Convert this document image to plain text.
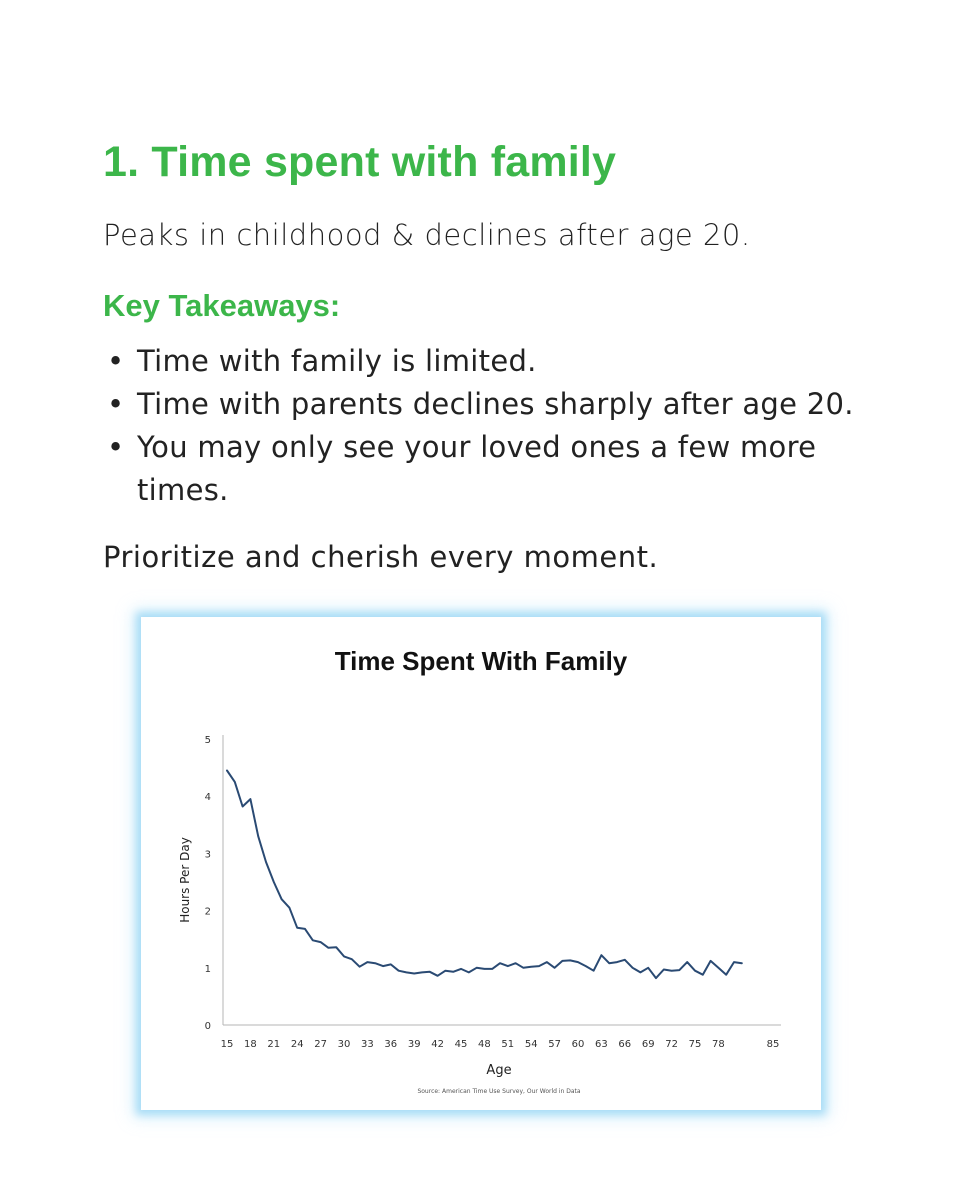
1. Time spent with family

Peaks in childhood & declines after age 20.

Key Takeaways:
• Time with family is limited.
• Time with parents declines sharply after age 20.
• You may only see your loved ones a few more times.

Prioritize and cherish every moment.

Time Spent With Family
0
1
2
3
4
5
15 18 21 24 27 30 33 36 39 42 45 48 51 54 57 60 63 66 69 72 75 78	85
Hours Per Day
Age
Source: American Time Use Survey, Our World in Data
